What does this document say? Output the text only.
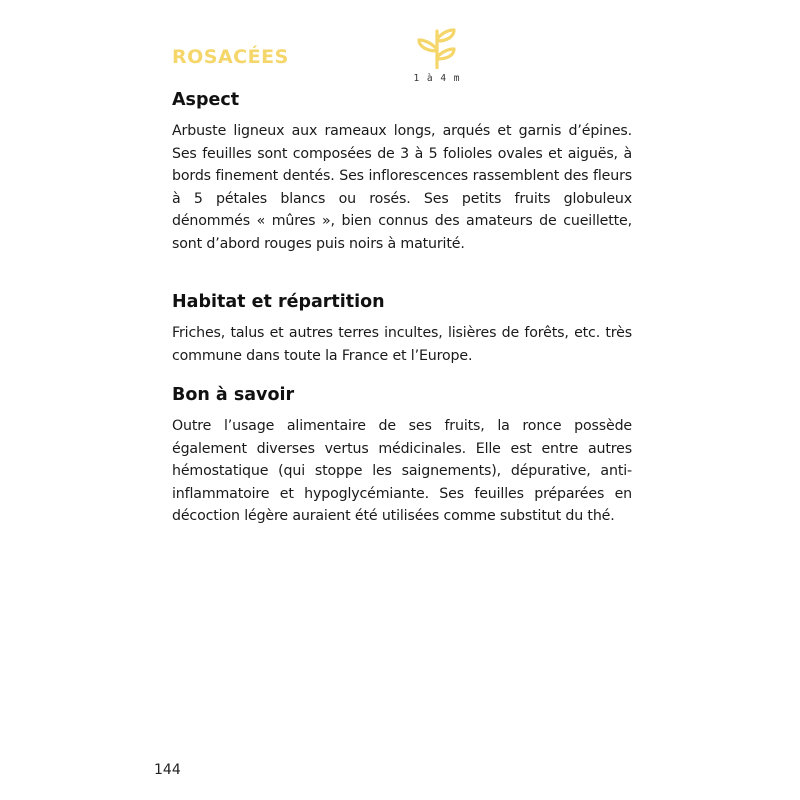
ROSACÉES
1 à 4 m
Aspect

Arbuste ligneux aux rameaux longs, arqués et garnis d’épines. Ses feuilles sont composées de 3 à 5 folioles ovales et aiguës, à bords finement dentés. Ses inflorescences rassemblent des fleurs à 5 pétales blancs ou rosés. Ses petits fruits globuleux dénommés « mûres », bien connus des amateurs de cueillette, sont d’abord rouges puis noirs à maturité.

Habitat et répartition

Friches, talus et autres terres incultes, lisières de forêts, etc. très commune dans toute la France et l’Europe.

Bon à savoir

Outre l’usage alimentaire de ses fruits, la ronce possède également diverses vertus médicinales. Elle est entre autres hémostatique (qui stoppe les saignements), dépurative, anti-inflammatoire et hypoglycémiante. Ses feuilles préparées en décoction légère auraient été utilisées comme substitut du thé.

144
